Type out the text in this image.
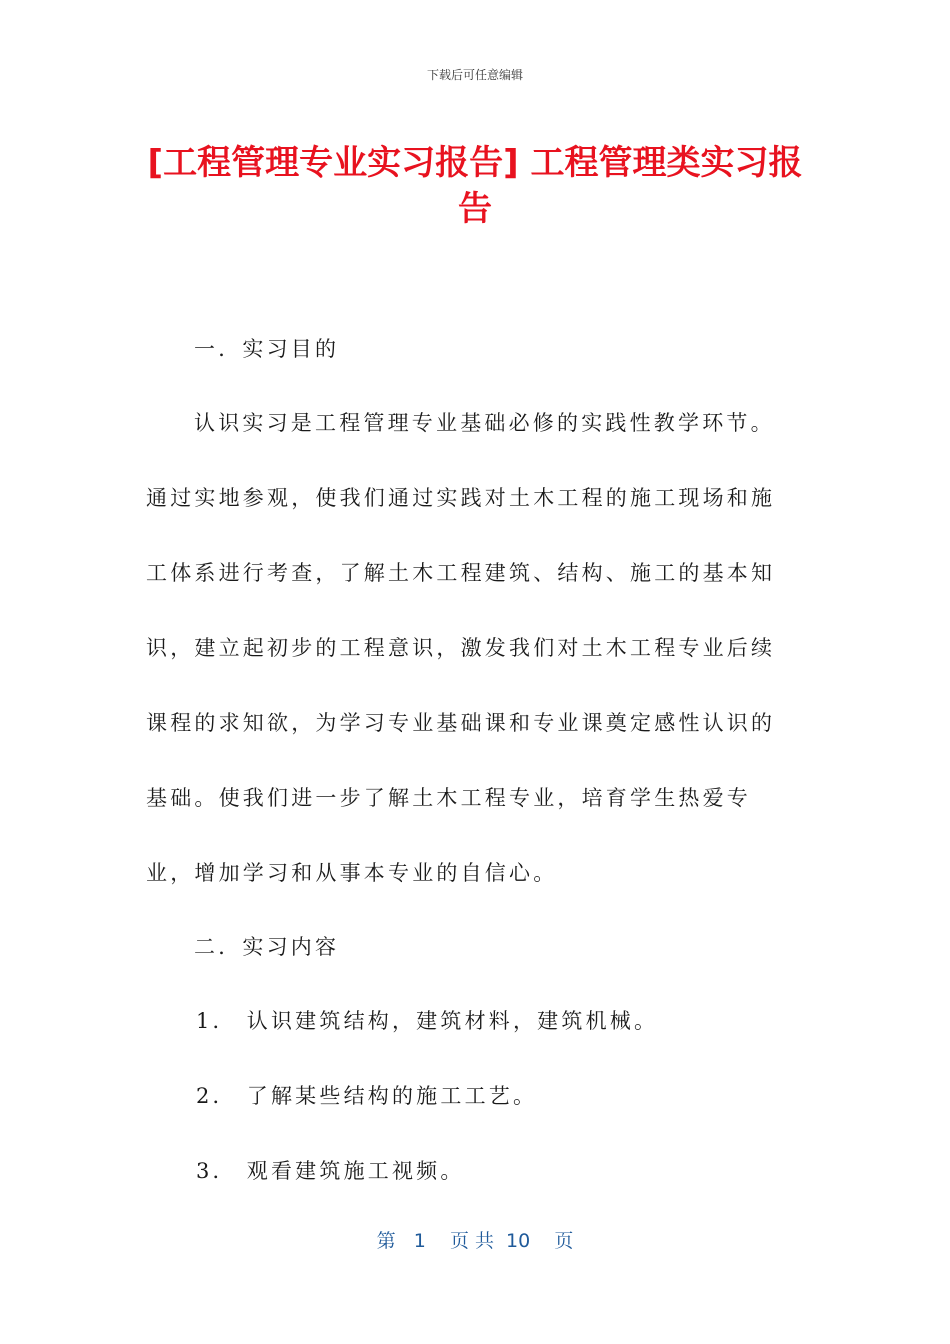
下载后可任意编辑
[工程管理专业实习报告] 工程管理类实习报告
一．实习目的

认识实习是工程管理专业基础必修的实践性教学环节。通过实地参观，使我们通过实践对土木工程的施工现场和施工体系进行考查，了解土木工程建筑、结构、施工的基本知识，建立起初步的工程意识，激发我们对土木工程专业后续课程的求知欲，为学习专业基础课和专业课奠定感性认识的基础。使我们进一步了解土木工程专业，培育学生热爱专业，增加学习和从事本专业的自信心。

二．实习内容
1． 认识建筑结构，建筑材料，建筑机械。
2． 了解某些结构的施工工艺。
3． 观看建筑施工视频。
第   1    页 共  10    页
